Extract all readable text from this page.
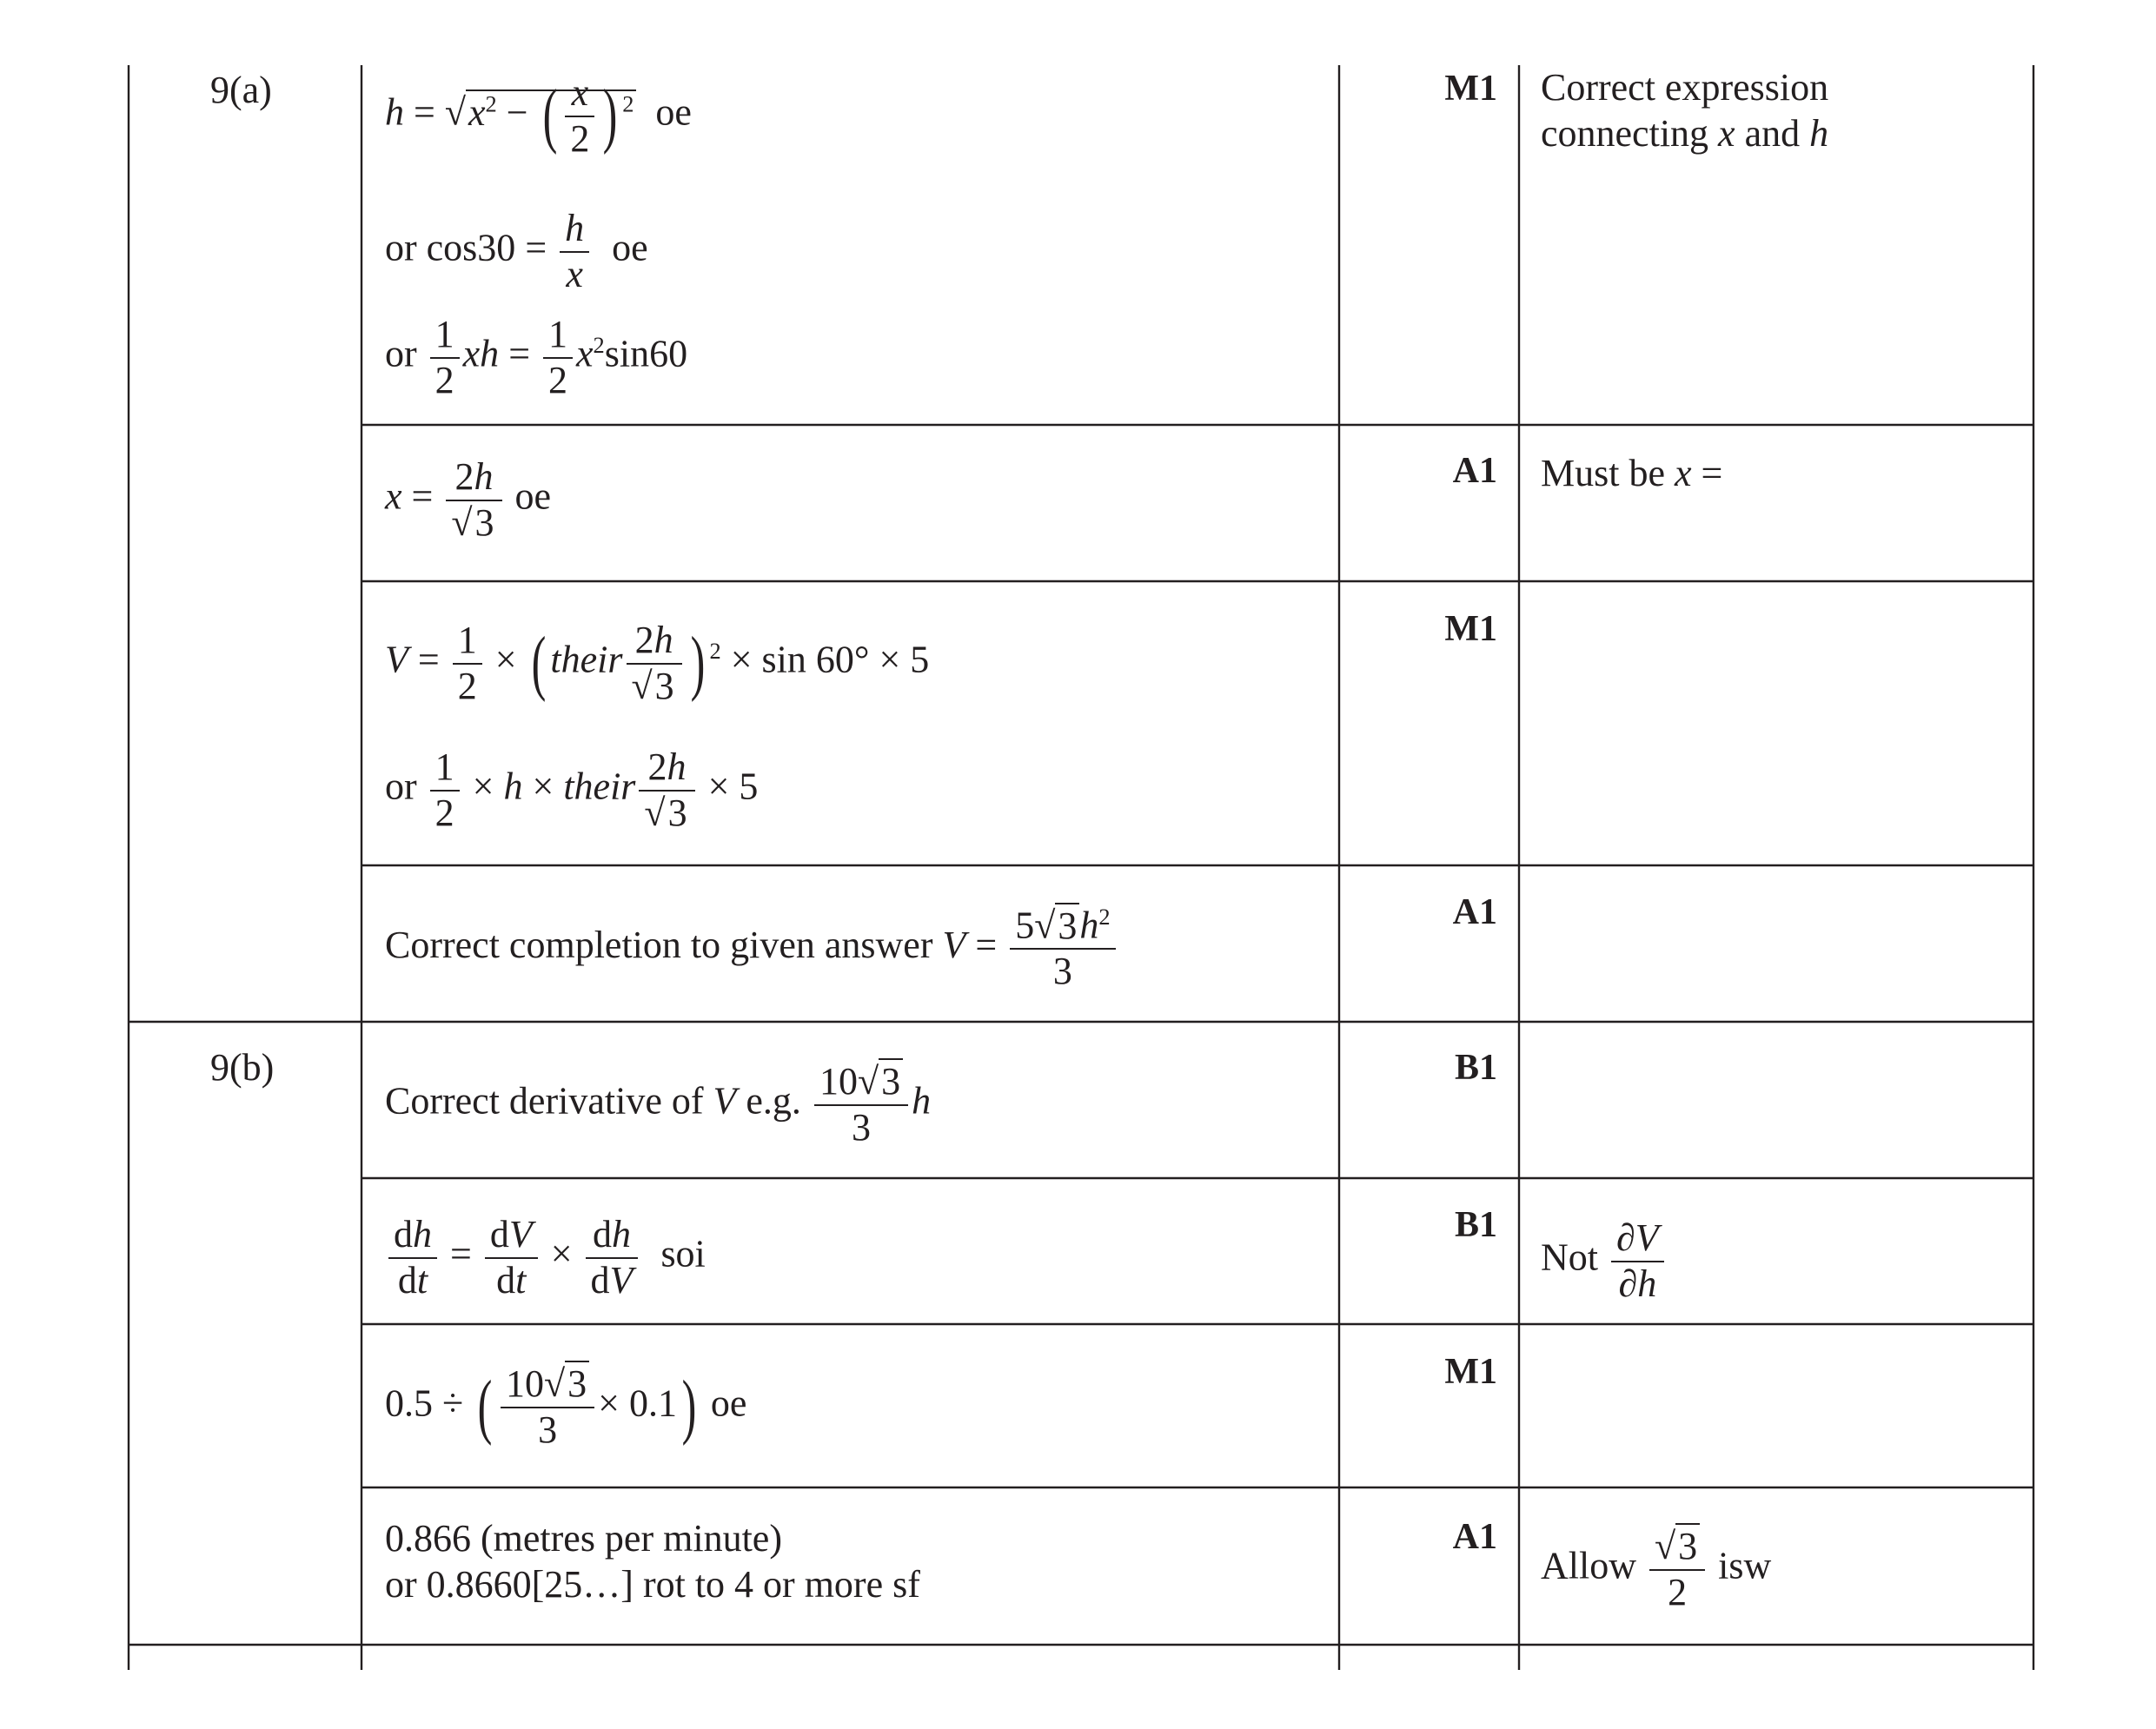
9(a)
9(b)
M1
A1
M1
A1
B1
B1
M1
A1
Correct expression
connecting x and h
Must be x =
Not $\frac{\partial V}{\partial h}$
Allow $\frac{√3}{2}$ isw
$h = √x^2$ − ( $\frac{x}{2}$ ) $^2$ oe
or $\cos 30 = \frac{h}{x}$ oe
or $\frac{1}{2}$ xh = $\frac{1}{2} x^2\sin 60$
$x = \frac{2h}{√3}$ oe
$V = \frac{1}{2}$ × ( their $\frac{2h}{√3}$ ) $^2$ × sin 60° × 5
or $\frac{1}{2} \times h$ × their $\frac{2h}{√3} \times 5$
Correct completion to given answer $V = \frac{5√3h^2}{3}$
Correct derivative of V e.g. $\frac{10√3}{3}$ h
$\frac{dh}{dt} = \frac{dV}{dt} \times \frac{dh}{dV}$ soi
0.5 ÷ ( $\frac{10√3}{3} \times 0.1$) oe
0.866 (metres per minute)
or 0.8660[25…] rot to 4 or more sf
